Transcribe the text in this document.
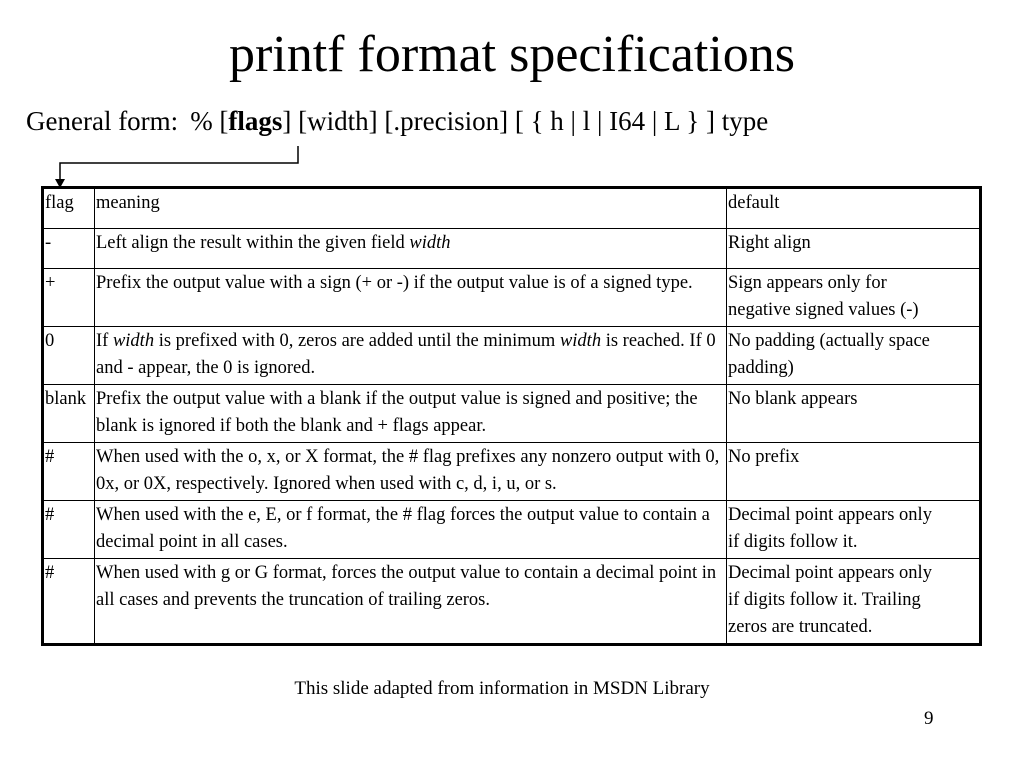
printf format specifications
General form: % [flags] [width] [.precision] [ { h | l | I64 | L } ] type
flag	meaning	default
-	Left align the result within the given field width	Right align
+	Prefix the output value with a sign (+ or -) if the output value is of a signed type.	Sign appears only for
negative signed values (-)
0	If width is prefixed with 0, zeros are added until the minimum width is reached. If 0 and - appear, the 0 is ignored.	No padding (actually space
padding)
blank	Prefix the output value with a blank if the output value is signed and positive; the blank is ignored if both the blank and + flags appear.	No blank appears
#	When used with the o, x, or X format, the # flag prefixes any nonzero output with 0, 0x, or 0X, respectively. Ignored when used with c, d, i, u, or s.	No prefix
#	When used with the e, E, or f format, the # flag forces the output value to contain a decimal point in all cases.	Decimal point appears only
if digits follow it.
#	When used with g or G format, forces the output value to contain a decimal point in all cases and prevents the truncation of trailing zeros.	Decimal point appears only
if digits follow it. Trailing
zeros are truncated.
This slide adapted from information in MSDN Library
9
